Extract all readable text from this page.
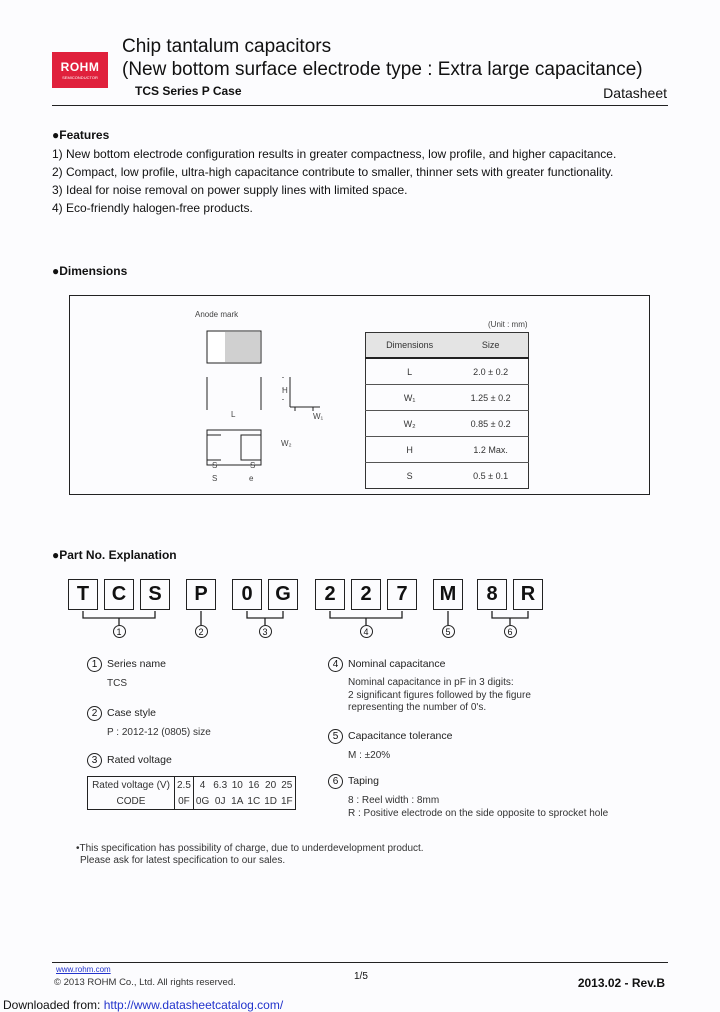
ROHM
SEMICONDUCTOR
Chip tantalum capacitors
(New bottom surface electrode type : Extra large capacitance)
TCS Series P Case	Datasheet
●Features
1) New bottom electrode configuration results in greater compactness, low profile, and higher capacitance.
2) Compact, low profile, ultra-high capacitance contribute to smaller, thinner sets with greater functionality.
3) Ideal for noise removal on power supply lines with limited space.
4) Eco-friendly halogen-free products.
●Dimensions
Anode mark
H
L	W₁
W₂
S	S
S	e
(Unit : mm)
Dimensions	Size
L	2.0 ± 0.2
W₁	1.25 ± 0.2
W₂	0.85 ± 0.2
H	1.2 Max.
S	0.5 ± 0.1
●Part No. Explanation
T	C	S	P	0	G	2	2	7	M	8	R
1	2	3	4	5	6
1 Series name
TCS
2 Case style
P : 2012-12 (0805) size
3 Rated voltage
4 Nominal capacitance
Nominal capacitance in pF in 3 digits:
2 significant figures followed by the figure
representing the number of 0's.
5 Capacitance tolerance
M : ±20%
6 Taping
8 : Reel width : 8mm
R : Positive electrode on the side opposite to sprocket hole
Rated voltage (V)	2.5	4	6.3	10	16	20	25
CODE	0F	0G	0J	1A	1C	1D	1F
•This specification has possibility of charge, due to underdevelopment product.
Please ask for latest specification to our sales.
www.rohm.com
© 2013 ROHM Co., Ltd. All rights reserved.
1/5	2013.02 - Rev.B
Downloaded from: http://www.datasheetcatalog.com/
